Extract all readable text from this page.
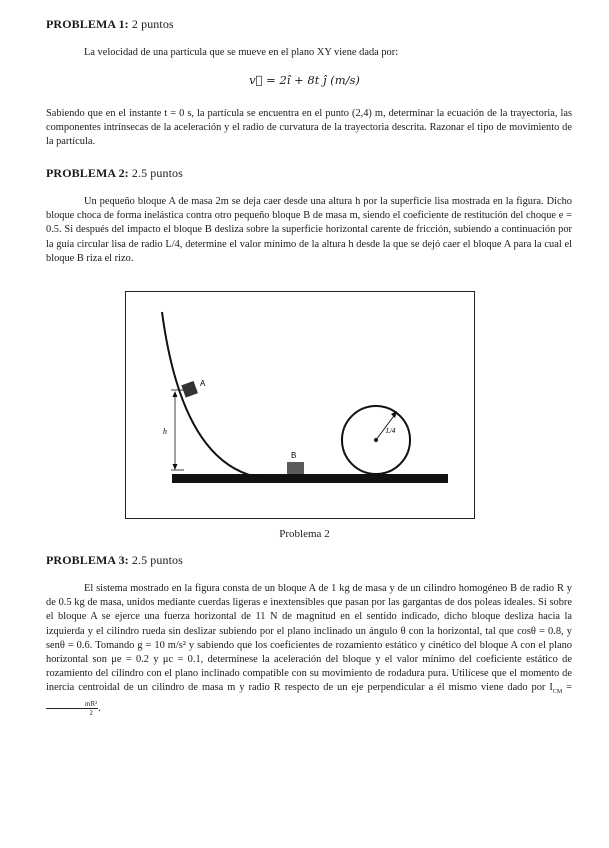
PROBLEMA 1: 2 puntos

La velocidad de una partícula que se mueve en el plano XY viene dada por:

v⃗ = 2î + 8t ĵ (m/s)

Sabiendo que en el instante t = 0 s, la partícula se encuentra en el punto (2,4) m, determinar la ecuación de la trayectoria, las componentes intrínsecas de la aceleración y el radio de curvatura de la trayectoria descrita. Razonar el tipo de movimiento de la partícula.

PROBLEMA 2: 2.5 puntos

Un pequeño bloque A de masa 2m se deja caer desde una altura h por la superficie lisa mostrada en la figura. Dicho bloque choca de forma inelástica contra otro pequeño bloque B de masa m, siendo el coeficiente de restitución del choque e = 0.5. Si después del impacto el bloque B desliza sobre la superficie horizontal carente de fricción, subiendo a continuación por la guía circular lisa de radio L/4, determine el valor mínimo de la altura h desde la que se dejó caer el bloque A para la cual el bloque B riza el rizo.

A
h
B
L/4
Problema 2
PROBLEMA 3: 2.5 puntos

El sistema mostrado en la figura consta de un bloque A de 1 kg de masa y de un cilindro homogéneo B de radio R y de 0.5 kg de masa, unidos mediante cuerdas ligeras e inextensibles que pasan por las gargantas de dos poleas ideales. Si sobre el bloque A se ejerce una fuerza horizontal de 11 N de magnitud en el sentido indicado, dicho bloque desliza hacia la izquierda y el cilindro rueda sin deslizar subiendo por el plano inclinado un ángulo θ con la horizontal, tal que cosθ = 0.8, y senθ = 0.6. Tomando g = 10 m/s² y sabiendo que los coeficientes de rozamiento estático y cinético del bloque A con el plano horizontal son μe = 0.2 y μc = 0.1, determínese la aceleración del bloque y el valor mínimo del coeficiente estático de rozamiento del cilindro con el plano inclinado compatible con su movimiento de rodadura pura. Utilícese que el momento de inercia centroidal de un cilindro de masa m y radio R respecto de un eje perpendicular a él mismo viene dado por $I_{CM}$ =
$\frac{\text{mR²}}{2}$ .
